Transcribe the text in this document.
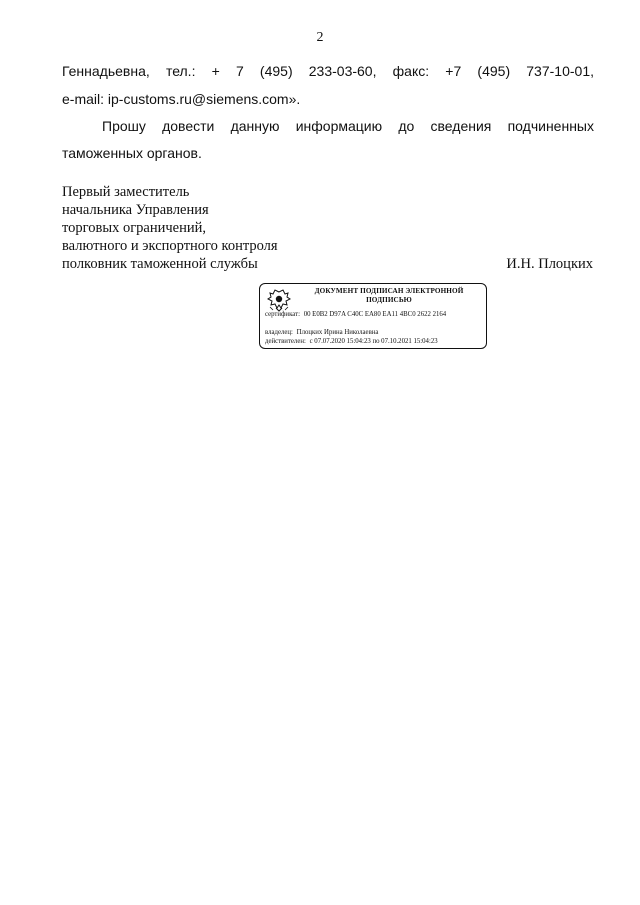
2
Геннадьевна, тел.: + 7 (495) 233-03-60, факс: +7 (495) 737-10-01,
e-mail: ip-customs.ru@siemens.com».
Прошу довести данную информацию до сведения подчиненных
таможенных органов.
Первый заместитель
начальника Управления
торговых ограничений,
валютного и экспортного контроля
полковник таможенной службы	И.Н. Плоцких
ДОКУМЕНТ ПОДПИСАН ЭЛЕКТРОННОЙ
ПОДПИСЬЮ
сертификат: 00 E0B2 D97A C40C EA80 EA11 4BC0 2622 2164
владелец: Плоцких Ирина Николаевна
действителен: с 07.07.2020 15:04:23 по 07.10.2021 15:04:23
